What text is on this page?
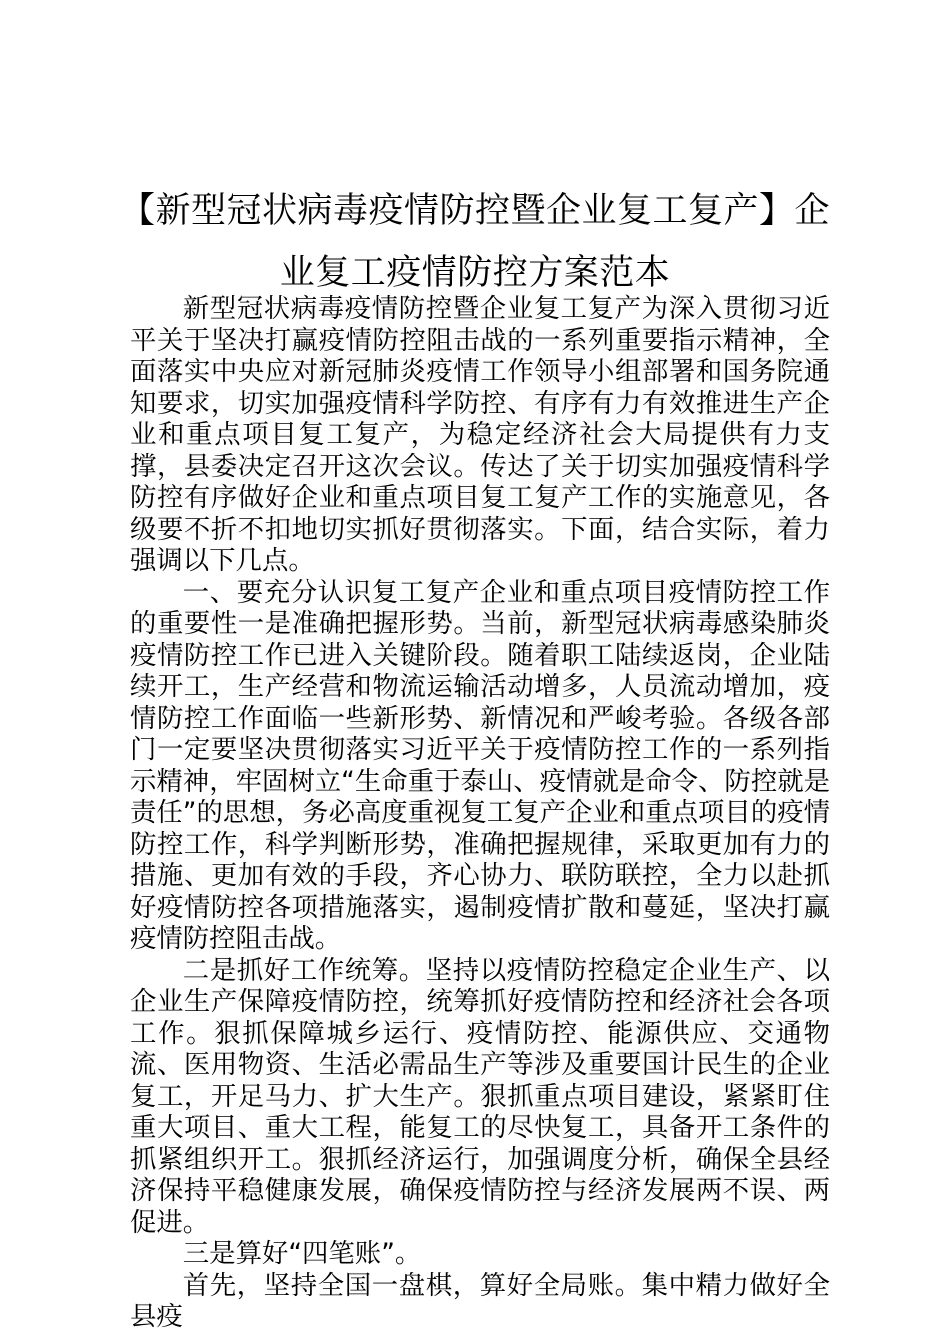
【新型冠状病毒疫情防控暨企业复工复产】企业复工疫情防控方案范本

新型冠状病毒疫情防控暨企业复工复产为深入贯彻习近平关于坚决打赢疫情防控阻击战的一系列重要指示精神，全面落实中央应对新冠肺炎疫情工作领导小组部署和国务院通知要求，切实加强疫情科学防控、有序有力有效推进生产企业和重点项目复工复产，为稳定经济社会大局提供有力支撑，县委决定召开这次会议。传达了关于切实加强疫情科学防控有序做好企业和重点项目复工复产工作的实施意见，各级要不折不扣地切实抓好贯彻落实。下面，结合实际，着力强调以下几点。

一、要充分认识复工复产企业和重点项目疫情防控工作的重要性一是准确把握形势。当前，新型冠状病毒感染肺炎疫情防控工作已进入关键阶段。随着职工陆续返岗，企业陆续开工，生产经营和物流运输活动增多，人员流动增加，疫情防控工作面临一些新形势、新情况和严峻考验。各级各部门一定要坚决贯彻落实习近平关于疫情防控工作的一系列指示精神，牢固树立“生命重于泰山、疫情就是命令、防控就是责任”的思想，务必高度重视复工复产企业和重点项目的疫情防控工作，科学判断形势，准确把握规律，采取更加有力的措施、更加有效的手段，齐心协力、联防联控，全力以赴抓好疫情防控各项措施落实，遏制疫情扩散和蔓延，坚决打赢疫情防控阻击战。

二是抓好工作统筹。坚持以疫情防控稳定企业生产、以企业生产保障疫情防控，统筹抓好疫情防控和经济社会各项工作。狠抓保障城乡运行、疫情防控、能源供应、交通物流、医用物资、生活必需品生产等涉及重要国计民生的企业复工，开足马力、扩大生产。狠抓重点项目建设，紧紧盯住重大项目、重大工程，能复工的尽快复工，具备开工条件的抓紧组织开工。狠抓经济运行，加强调度分析，确保全县经济保持平稳健康发展，确保疫情防控与经济发展两不误、两促进。

三是算好“四笔账”。

首先，坚持全国一盘棋，算好全局账。集中精力做好全县疫
